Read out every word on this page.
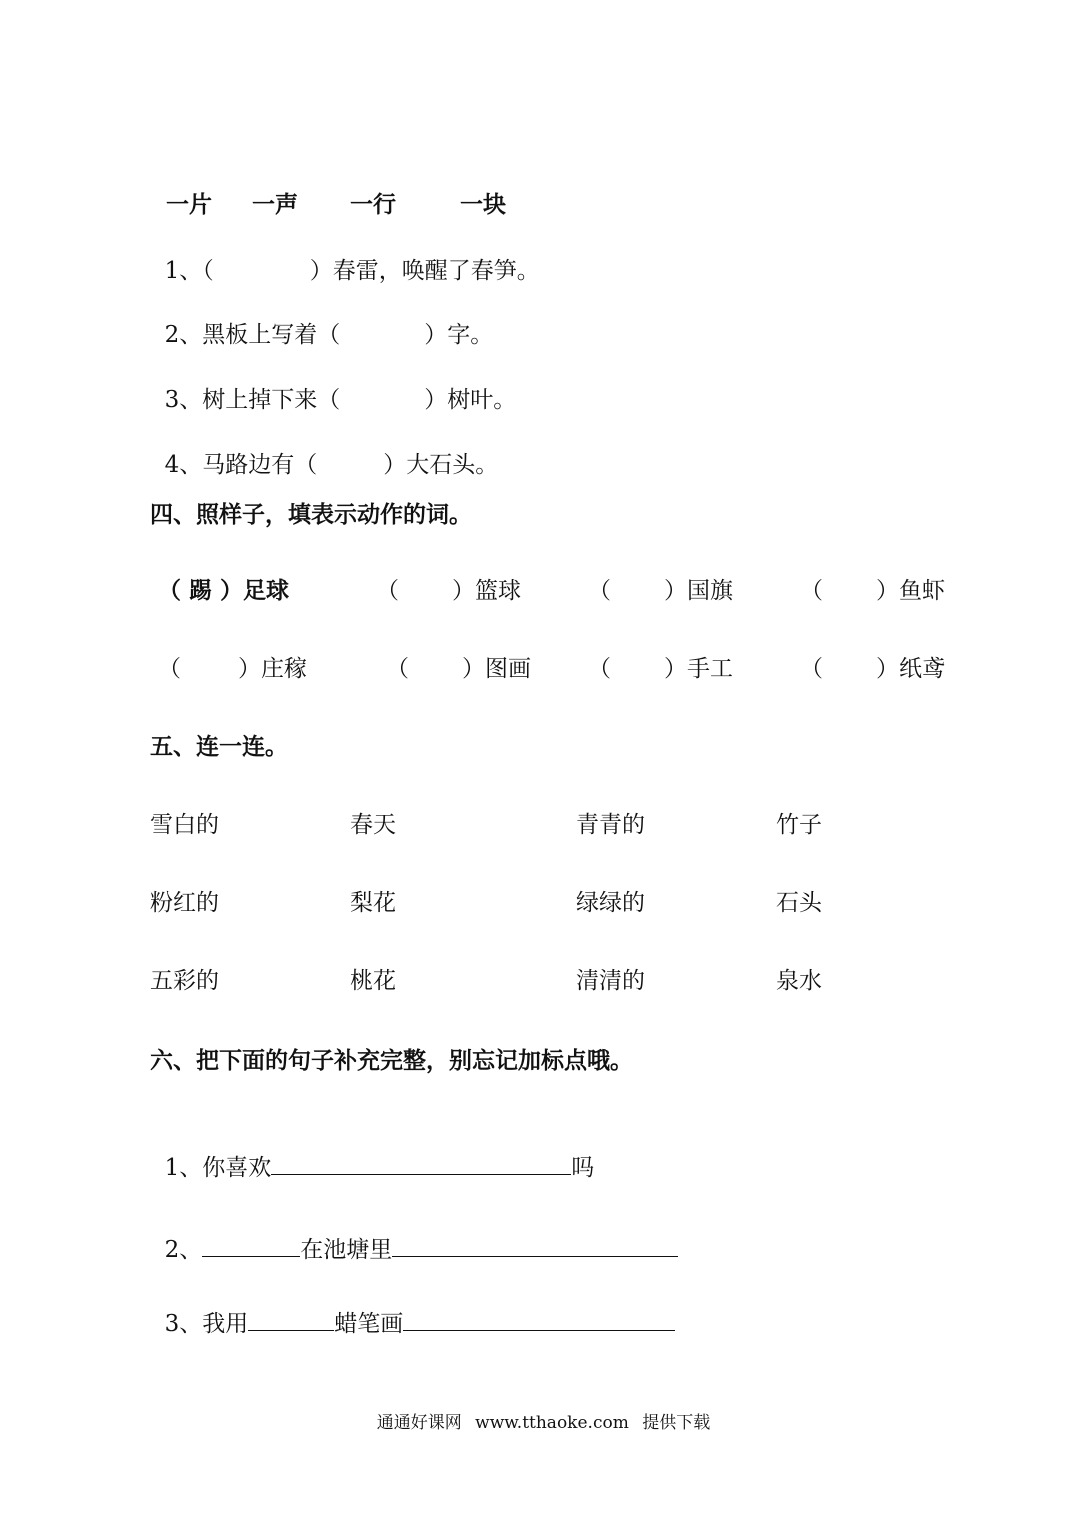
一片 一声 一行	一块

1、（	）春雷，唤醒了春笋。

2、黑板上写着（	）字。

3、树上掉下来（	）树叶。

4、马路边有（	）大石头。

四、照样子，填表示动作的词。
（ 踢 ）足球	（ ）篮球	（ ）国旗	（ ）鱼虾
（ ）庄稼	（ ）图画 （ ）手工	（ ）纸鸢
五、连一连。
雪白的	春天	青青的	竹子
粉红的	梨花	绿绿的	石头
五彩的	桃花	清清的	泉水
六、把下面的句子补充完整，别忘记加标点哦。

1、你喜欢	吗

2、	在池塘里

3、我用	蜡笔画

通通好课网 www.tthaoke.com 提供下载
